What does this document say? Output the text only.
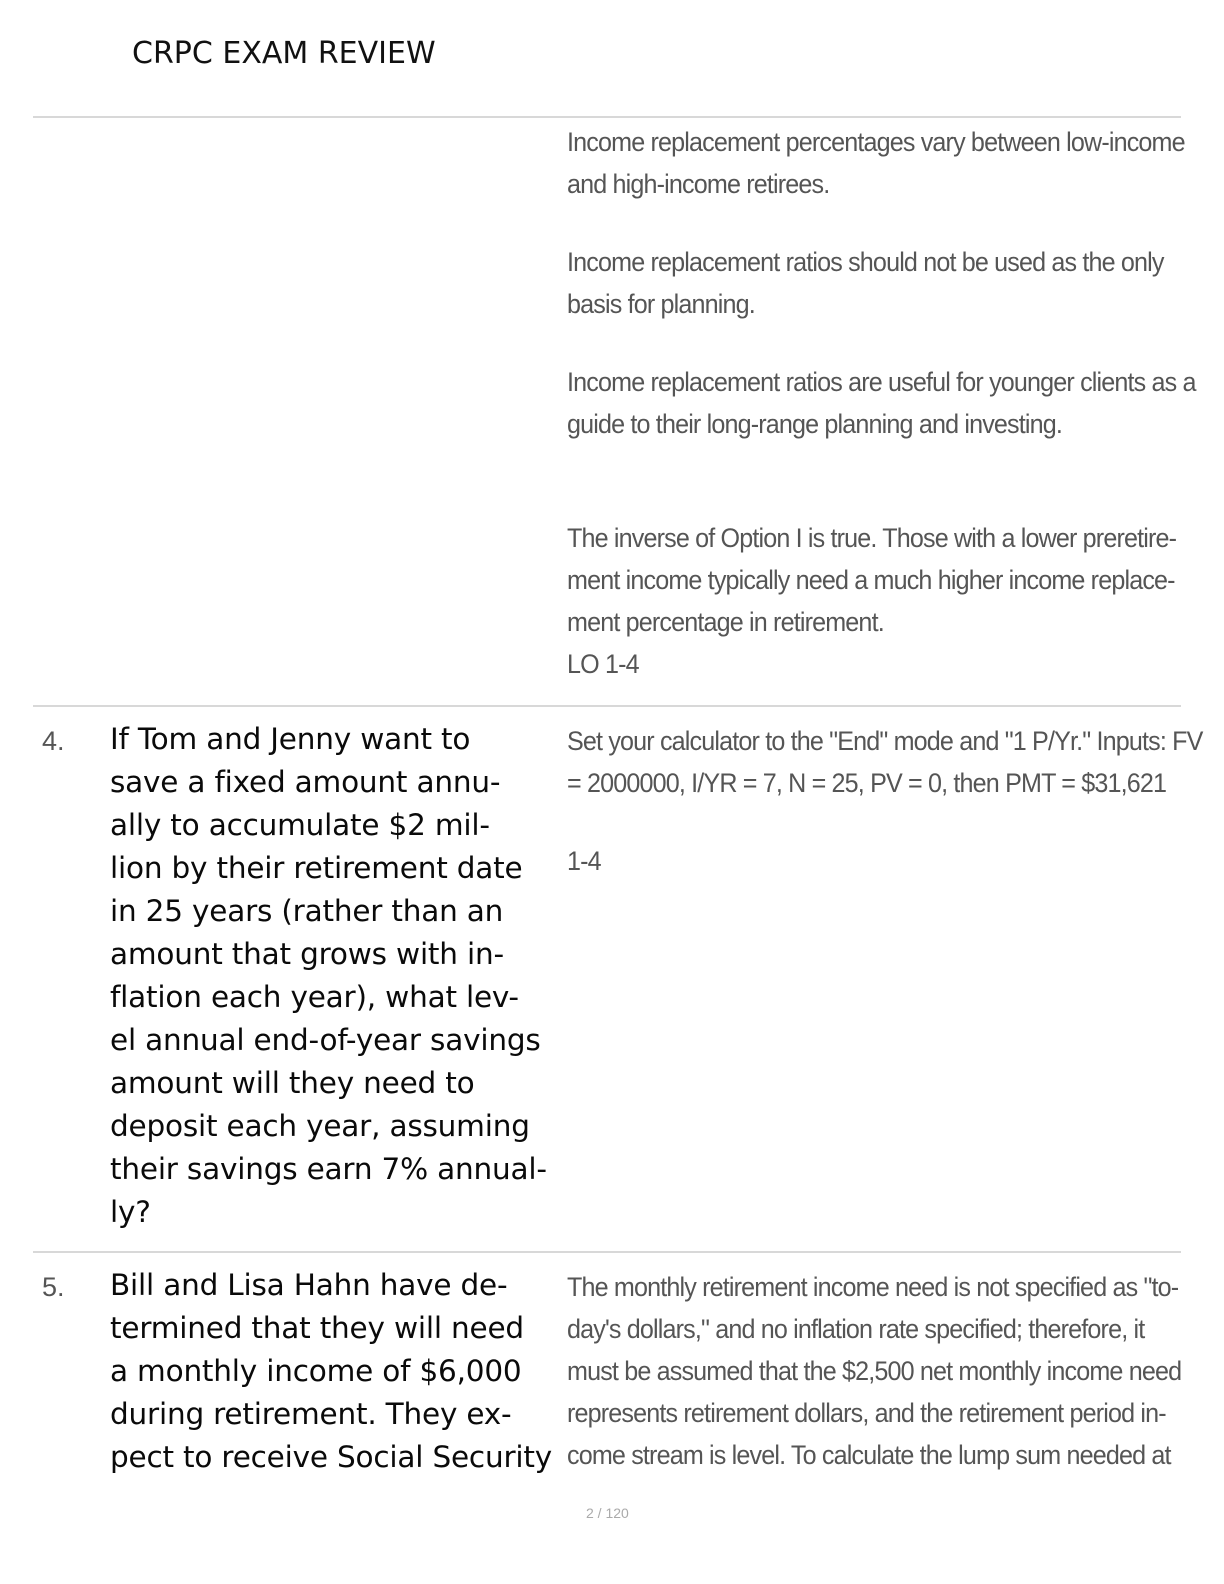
CRPC EXAM REVIEW
Income replacement percentages vary between low-income
and high-income retirees.
Income replacement ratios should not be used as the only
basis for planning.
Income replacement ratios are useful for younger clients as a
guide to their long-range planning and investing.
The inverse of Option I is true. Those with a lower preretire-
ment income typically need a much higher income replace-
ment percentage in retirement.
LO 1-4
4. If Tom and Jenny want to
save a fixed amount annu-
ally to accumulate $2 mil-
lion by their retirement date
in 25 years (rather than an
amount that grows with in-
flation each year), what lev-
el annual end-of-year savings
amount will they need to
deposit each year, assuming
their savings earn 7% annual-
ly?
Set your calculator to the "End" mode and "1 P/Yr." Inputs: FV
= 2000000, I/YR = 7, N = 25, PV = 0, then PMT = $31,621
1-4
5. Bill and Lisa Hahn have de-
termined that they will need
a monthly income of $6,000
during retirement. They ex-
pect to receive Social Security
The monthly retirement income need is not specified as "to-
day's dollars," and no inflation rate specified; therefore, it
must be assumed that the $2,500 net monthly income need
represents retirement dollars, and the retirement period in-
come stream is level. To calculate the lump sum needed at
2 / 120
